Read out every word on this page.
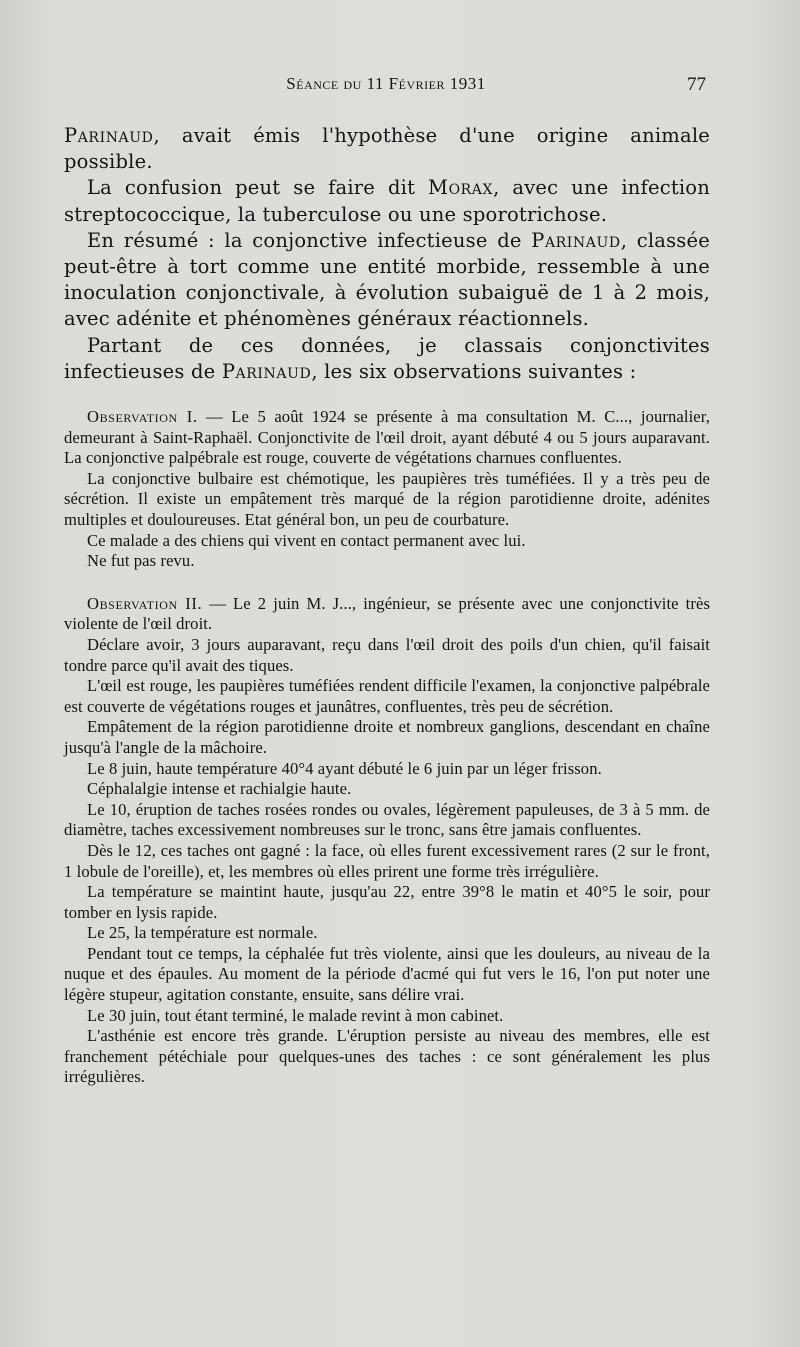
Séance du 11 Février 1931	77

Parinaud, avait émis l'hypothèse d'une origine animale possible.

La confusion peut se faire dit Morax, avec une infection streptococcique, la tuberculose ou une sporotrichose.

En résumé : la conjonctive infectieuse de Parinaud, classée peut-être à tort comme une entité morbide, ressemble à une inoculation conjonctivale, à évolution subaiguë de 1 à 2 mois, avec adénite et phénomènes généraux réactionnels.

Partant de ces données, je classais conjonctivites infectieuses de Parinaud, les six observations suivantes :

Observation I. — Le 5 août 1924 se présente à ma consultation M. C..., journalier, demeurant à Saint-Raphaël. Conjonctivite de l'œil droit, ayant débuté 4 ou 5 jours auparavant. La conjonctive palpébrale est rouge, couverte de végétations charnues confluentes.

La conjonctive bulbaire est chémotique, les paupières très tuméfiées. Il y a très peu de sécrétion. Il existe un empâtement très marqué de la région parotidienne droite, adénites multiples et douloureuses. Etat général bon, un peu de courbature.

Ce malade a des chiens qui vivent en contact permanent avec lui.

Ne fut pas revu.

Observation II. — Le 2 juin M. J..., ingénieur, se présente avec une conjonctivite très violente de l'œil droit.

Déclare avoir, 3 jours auparavant, reçu dans l'œil droit des poils d'un chien, qu'il faisait tondre parce qu'il avait des tiques.

L'œil est rouge, les paupières tuméfiées rendent difficile l'examen, la conjonctive palpébrale est couverte de végétations rouges et jaunâtres, confluentes, très peu de sécrétion.

Empâtement de la région parotidienne droite et nombreux ganglions, descendant en chaîne jusqu'à l'angle de la mâchoire.

Le 8 juin, haute température 40°4 ayant débuté le 6 juin par un léger frisson.

Céphalalgie intense et rachialgie haute.

Le 10, éruption de taches rosées rondes ou ovales, légèrement papuleuses, de 3 à 5 mm. de diamètre, taches excessivement nombreuses sur le tronc, sans être jamais confluentes.

Dès le 12, ces taches ont gagné : la face, où elles furent excessivement rares (2 sur le front, 1 lobule de l'oreille), et, les membres où elles prirent une forme très irrégulière.

La température se maintint haute, jusqu'au 22, entre 39°8 le matin et 40°5 le soir, pour tomber en lysis rapide.

Le 25, la température est normale.

Pendant tout ce temps, la céphalée fut très violente, ainsi que les douleurs, au niveau de la nuque et des épaules. Au moment de la période d'acmé qui fut vers le 16, l'on put noter une légère stupeur, agitation constante, ensuite, sans délire vrai.

Le 30 juin, tout étant terminé, le malade revint à mon cabinet.

L'asthénie est encore très grande. L'éruption persiste au niveau des membres, elle est franchement pétéchiale pour quelques-unes des taches : ce sont généralement les plus irrégulières.
